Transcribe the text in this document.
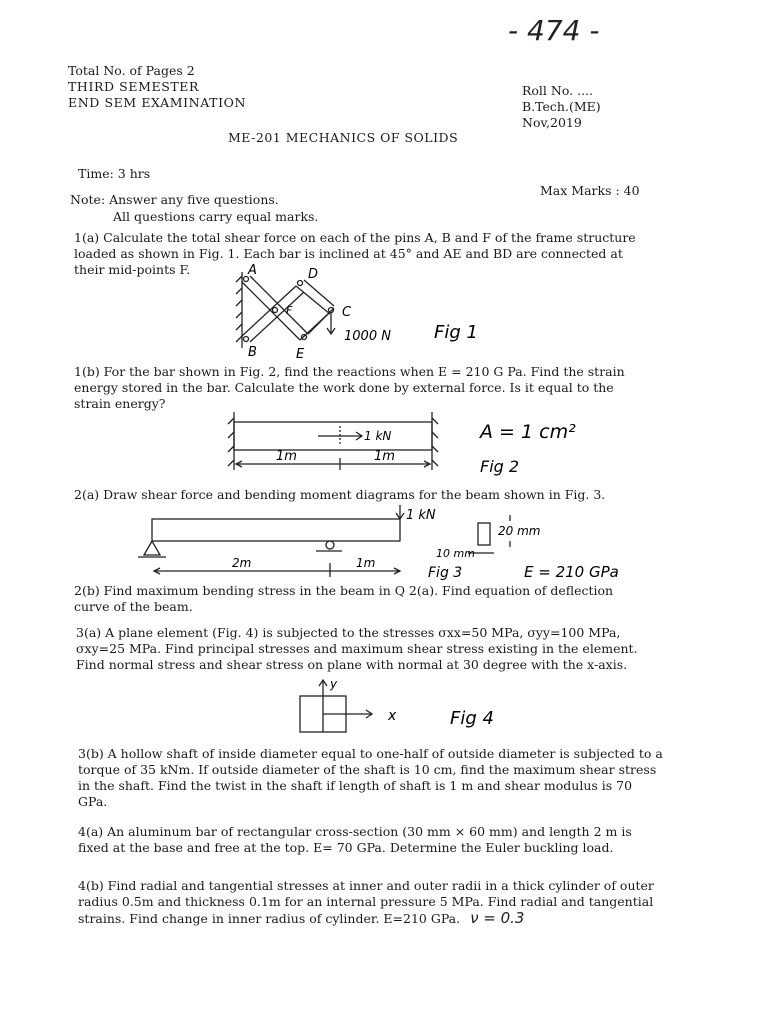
- 474 -
Total No. of Pages 2
THIRD SEMESTER
END SEM EXAMINATION
Roll No. ....
B.Tech.(ME)
Nov,2019
ME-201 MECHANICS OF SOLIDS
Time: 3 hrs
Max Marks : 40
Note: Answer any five questions.
All questions carry equal marks.
1(a) Calculate the total shear force on each of the pins A, B and F of the frame structure loaded as shown in Fig. 1. Each bar is inclined at 45° and AE and BD are connected at their mid-points F.	A	D
C
F
B	E
1000 N Fig 1
1(b) For the bar shown in Fig. 2, find the reactions when E = 210 G Pa. Find the strain energy stored in the bar. Calculate the work done by external force. Is it equal to the strain energy?
1 kN
1m	1m
A = 1 cm²
Fig 2
2(a) Draw shear force and bending moment diagrams for the beam shown in Fig. 3.
1 kN
2m	1m
20 mm
10 mm
Fig 3	E = 210 GPa
2(b) Find maximum bending stress in the beam in Q 2(a). Find equation of deflection curve of the beam.
3(a) A plane element (Fig. 4) is subjected to the stresses σxx=50 MPa, σyy=100 MPa, σxy=25 MPa. Find principal stresses and maximum shear stress existing in the element. Find normal stress and shear stress on plane with normal at 30 degree with the x-axis.
y
x	Fig 4
3(b) A hollow shaft of inside diameter equal to one-half of outside diameter is subjected to a torque of 35 kNm. If outside diameter of the shaft is 10 cm, find the maximum shear stress in the shaft. Find the twist in the shaft if length of shaft is 1 m and shear modulus is 70 GPa.
4(a) An aluminum bar of rectangular cross-section (30 mm × 60 mm) and length 2 m is fixed at the base and free at the top. E= 70 GPa. Determine the Euler buckling load.
4(b) Find radial and tangential stresses at inner and outer radii in a thick cylinder of outer radius 0.5m and thickness 0.1m for an internal pressure 5 MPa. Find radial and tangential strains. Find change in inner radius of cylinder. E=210 GPa. ν = 0.3
